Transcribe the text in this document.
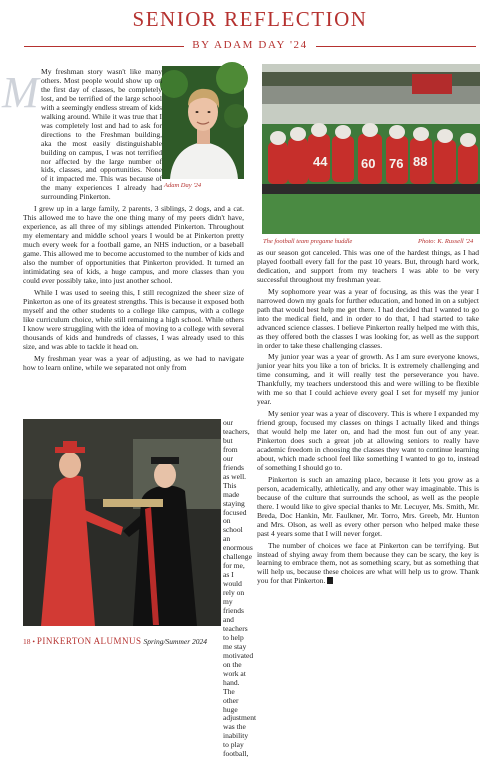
SENIOR REFLECTION
BY ADAM DAY '24
M
Adam Day '24
44	60 76 88
The football team pregame huddle	Photo: K. Russell '24

My freshman story wasn't like many others. Most people would show up on the first day of classes, be completely lost, and be terrified of the large school with a seemingly endless stream of kids walking around. While it was true that I was completely lost and had to ask for directions to the Freshman building, aka the most easily distinguishable building on campus, I was not terrified nor affected by the large number of kids, classes, and opportunities. None of it impacted me. This was because of the many experiences I already had surrounding Pinkerton.

I grew up in a large family, 2 parents, 3 siblings, 2 dogs, and a cat. This allowed me to have the one thing many of my peers didn't have, experience, as all three of my siblings attended Pinkerton. Throughout my elementary and middle school years I would be at Pinkerton pretty much every week for a football game, an NHS induction, or a baseball game. This allowed me to become accustomed to the number of kids and also the number of opportunities that Pinkerton provided. It turned an intimidating sea of kids, a huge campus, and more classes than you could ever possibly take, into just another school.

While I was used to seeing this, I still recognized the sheer size of Pinkerton as one of its greatest strengths. This is because it exposed both myself and the other students to a college like campus, with a college like curriculum choice, while still remaining a high school. While others I know were struggling with the idea of moving to a college with several thousands of kids and hundreds of classes, I was already used to this size, and was able to tackle it head on.

My freshman year was a year of adjusting, as we had to navigate how to learn online, while we separated not only from

our teachers, but from our friends as well. This made staying focused on school an enormous challenge for me, as I would rely on my friends and teachers to help me stay motivated on the work at hand. The other huge adjustment was the inability to play football,

as our season got canceled. This was one of the hardest things, as I had played football every fall for the past 10 years. But, through hard work, dedication, and support from my teachers I was able to be very successful throughout my freshman year.

My sophomore year was a year of focusing, as this was the year I narrowed down my goals for further education, and honed in on a subject path that would best help me get there. I had decided that I wanted to go into the medical field, and in order to do that, I had started to take advanced science classes. I believe Pinkerton really helped me with this, as they offered both the classes I was looking for, as well as the support in order to take these challenging classes.

My junior year was a year of growth. As I am sure everyone knows, junior year hits you like a ton of bricks. It is extremely challenging and time consuming, and it will really test the perseverance you have. Thankfully, my teachers understood this and were willing to be flexible with me so that I could achieve every goal I set for myself my junior year.

My senior year was a year of discovery. This is where I expanded my friend group, focused my classes on things I actually liked and things that would help me later on, and had the most fun out of any year. Pinkerton does such a great job at allowing seniors to really have academic freedom in choosing the classes they want to continue learning about, which made school feel like something I wanted to go to, instead of something I should go to.

Pinkerton is such an amazing place, because it lets you grow as a person, academically, athletically, and any other way imaginable. This is because of the culture that surrounds the school, as well as the people there. I would like to give special thanks to Mr. Lecuyer, Ms. Smith, Mr. Breda, Doc Hankin, Mr. Faulkner, Mr. Torro, Mrs. Greeb, Mr. Hunton and Mrs. Olson, as well as every other person who helped make these past 4 years some that I will never forget.

The number of choices we face at Pinkerton can be terrifying. But instead of shying away from them because they can be scary, the key is learning to embrace them, not as something scary, but as something that will help us, because these choices are what will help us to grow. Thank you for that Pinkerton.

18 • PINKERTON ALUMNUS Spring/Summer 2024
